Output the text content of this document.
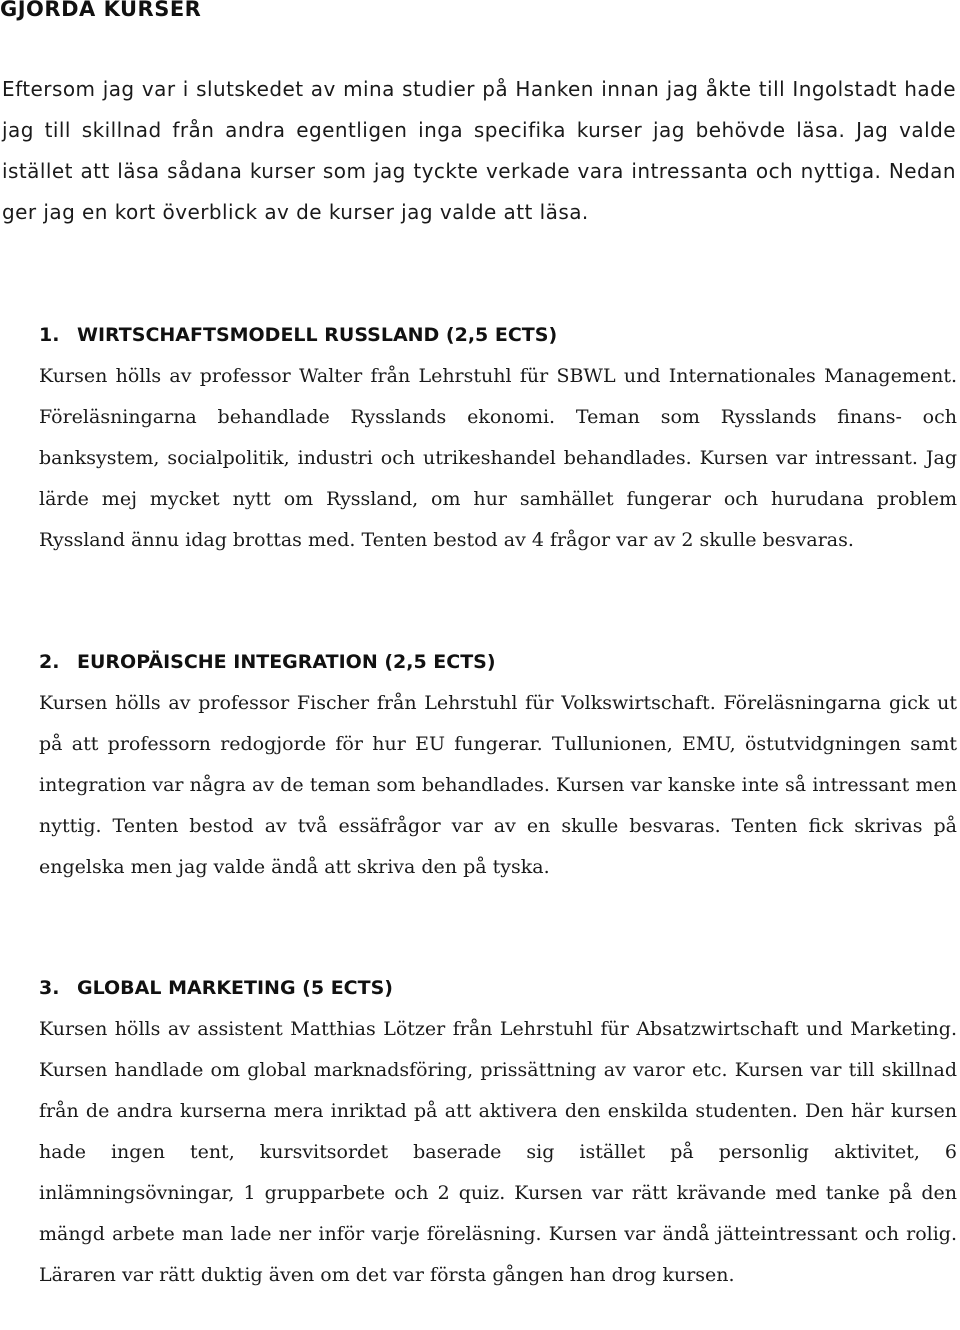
GJORDA KURSER

Eftersom jag var i slutskedet av mina studier på Hanken innan jag åkte till Ingolstadt hade jag till skillnad från andra egentligen inga specifika kurser jag behövde läsa. Jag valde istället att läsa sådana kurser som jag tyckte verkade vara intressanta och nyttiga. Nedan ger jag en kort överblick av de kurser jag valde att läsa.

1. WIRTSCHAFTSMODELL RUSSLAND (2,5 ECTS)

Kursen hölls av professor Walter från Lehrstuhl für SBWL und Internationales Management. Föreläsningarna behandlade Rysslands ekonomi. Teman som Rysslands finans- och banksystem, socialpolitik, industri och utrikeshandel behandlades. Kursen var intressant. Jag lärde mej mycket nytt om Ryssland, om hur samhället fungerar och hurudana problem Ryssland ännu idag brottas med. Tenten bestod av 4 frågor var av 2 skulle besvaras.

2. EUROPÄISCHE INTEGRATION (2,5 ECTS)

Kursen hölls av professor Fischer från Lehrstuhl für Volkswirtschaft. Föreläsningarna gick ut på att professorn redogjorde för hur EU fungerar. Tullunionen, EMU, östutvidgningen samt integration var några av de teman som behandlades. Kursen var kanske inte så intressant men nyttig. Tenten bestod av två essäfrågor var av en skulle besvaras. Tenten fick skrivas på engelska men jag valde ändå att skriva den på tyska.

3. GLOBAL MARKETING (5 ECTS)

Kursen hölls av assistent Matthias Lötzer från Lehrstuhl für Absatzwirtschaft und Marketing. Kursen handlade om global marknadsföring, prissättning av varor etc. Kursen var till skillnad från de andra kurserna mera inriktad på att aktivera den enskilda studenten. Den här kursen hade ingen tent, kursvitsordet baserade sig istället på personlig aktivitet, 6 inlämningsövningar, 1 grupparbete och 2 quiz. Kursen var rätt krävande med tanke på den mängd arbete man lade ner inför varje föreläsning. Kursen var ändå jätteintressant och rolig. Läraren var rätt duktig även om det var första gången han drog kursen.
